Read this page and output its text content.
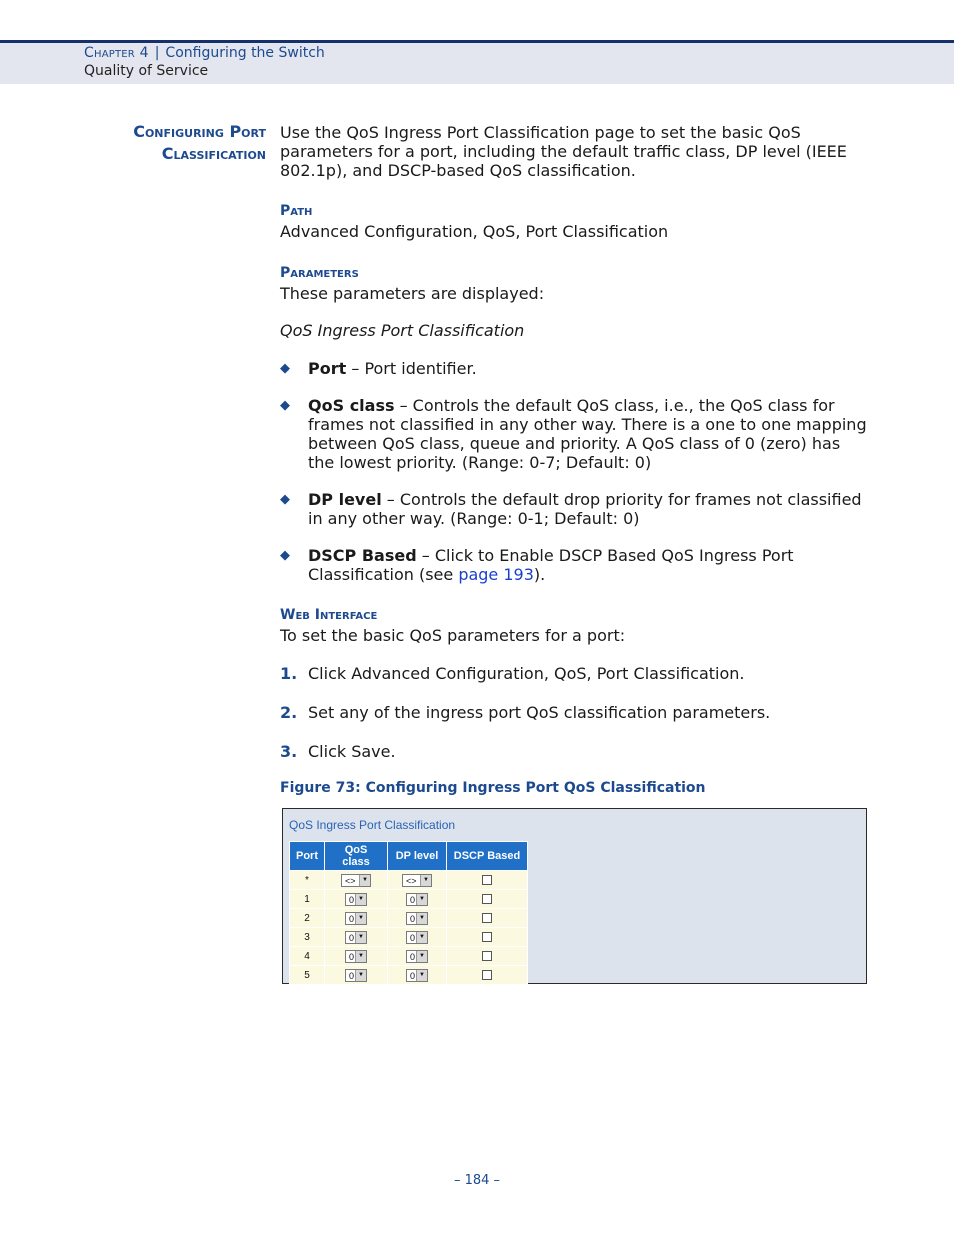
Chapter 4 | Configuring the Switch
Quality of Service
Configuring Port
Classification
Use the QoS Ingress Port Classification page to set the basic QoS parameters for a port, including the default traffic class, DP level (IEEE 802.1p), and DSCP-based QoS classification.
Path
Advanced Configuration, QoS, Port Classification
Parameters
These parameters are displayed:
QoS Ingress Port Classification
◆ Port – Port identifier.
◆ QoS class – Controls the default QoS class, i.e., the QoS class for frames not classified in any other way. There is a one to one mapping between QoS class, queue and priority. A QoS class of 0 (zero) has the lowest priority. (Range: 0-7; Default: 0)
◆ DP level – Controls the default drop priority for frames not classified in any other way. (Range: 0-1; Default: 0)
◆ DSCP Based – Click to Enable DSCP Based QoS Ingress Port Classification (see page 193).
Web Interface
To set the basic QoS parameters for a port:
1. Click Advanced Configuration, QoS, Port Classification.
2. Set any of the ingress port QoS classification parameters.
3. Click Save.
Figure 73: Configuring Ingress Port QoS Classification
QoS Ingress Port Classification
Port	QoS class	DP level	DSCP Based
*	<> ▼	<> ▼	

1	0 ▼	0 ▼	

2	0 ▼	0 ▼	

3	0 ▼	0 ▼	

4	0 ▼	0 ▼	

5	0 ▼	0 ▼	

– 184 –
